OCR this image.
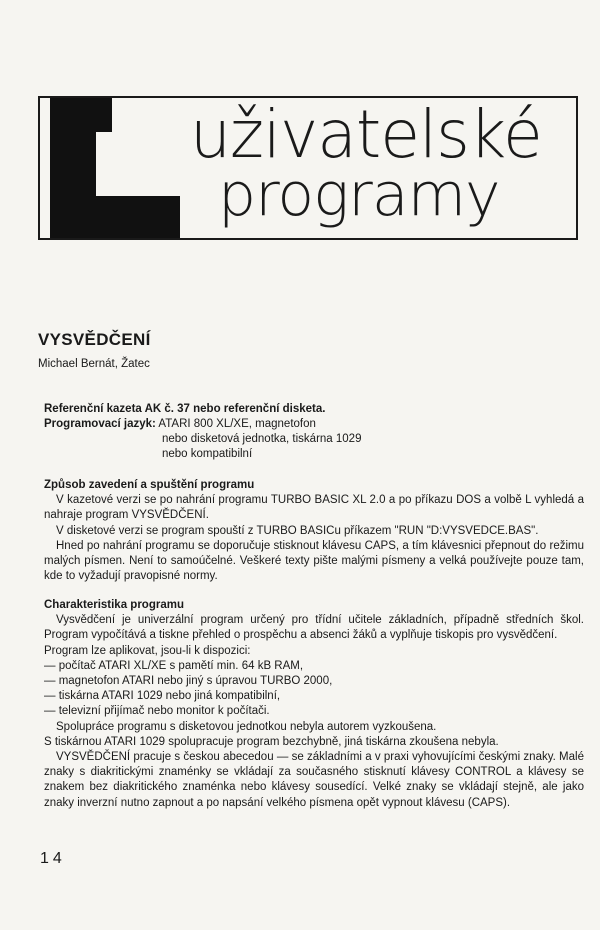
uživatelské
programy
VYSVĚDČENÍ
Michael Bernát, Žatec
Referenční kazeta AK č. 37 nebo referenční disketa.
Programovací jazyk: ATARI 800 XL/XE, magnetofon
nebo disketová jednotka, tiskárna 1029
nebo kompatibilní
Způsob zavedení a spuštění programu

V kazetové verzi se po nahrání programu TURBO BASIC XL 2.0 a po příkazu DOS a volbě L vyhledá a nahraje program VYSVĚDČENÍ.

V disketové verzi se program spouští z TURBO BASICu příkazem "RUN "D:VYSVEDCE.BAS".

Hned po nahrání programu se doporučuje stisknout klávesu CAPS, a tím klávesnici přepnout do režimu malých písmen. Není to samoúčelné. Veškeré texty pište malými písmeny a velká používejte pouze tam, kde to vyžadují pravopisné normy.

Charakteristika programu

Vysvědčení je univerzální program určený pro třídní učitele základních, případně středních škol. Program vypočítává a tiskne přehled o prospěchu a absenci žáků a vyplňuje tiskopis pro vysvědčení.

Program lze aplikovat, jsou-li k dispozici:

— počítač ATARI XL/XE s pamětí min. 64 kB RAM,
— magnetofon ATARI nebo jiný s úpravou TURBO 2000,
— tiskárna ATARI 1029 nebo jiná kompatibilní,
— televizní přijímač nebo monitor k počítači.

Spolupráce programu s disketovou jednotkou nebyla autorem vyzkoušena.

S tiskárnou ATARI 1029 spolupracuje program bezchybně, jiná tiskárna zkoušena nebyla.

VYSVĚDČENÍ pracuje s českou abecedou — se základními a v praxi vyhovujícími českými znaky. Malé znaky s diakritickými znaménky se vkládají za současného stisknutí klávesy CONTROL a klávesy se znakem bez diakritického znaménka nebo klávesy sousedící. Velké znaky se vkládají stejně, ale jako znaky inverzní nutno zapnout a po napsání velkého písmena opět vypnout klávesu (CAPS).

14
